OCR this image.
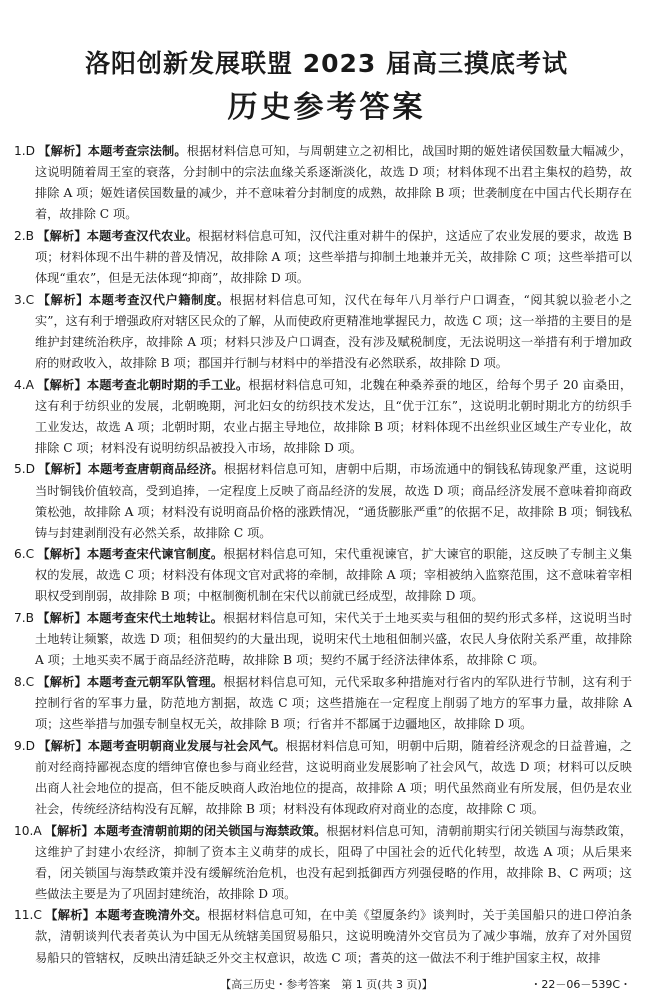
洛阳创新发展联盟 2023 届高三摸底考试
历史参考答案

1.D 【解析】本题考查宗法制。根据材料信息可知，与周朝建立之初相比，战国时期的姬姓诸侯国数量大幅减少，这说明随着周王室的衰落，分封制中的宗法血缘关系逐渐淡化，故选 D 项；材料体现不出君主集权的趋势，故排除 A 项；姬姓诸侯国数量的减少，并不意味着分封制度的成熟，故排除 B 项；世袭制度在中国古代长期存在着，故排除 C 项。

2.B 【解析】本题考查汉代农业。根据材料信息可知，汉代注重对耕牛的保护，这适应了农业发展的要求，故选 B 项；材料体现不出牛耕的普及情况，故排除 A 项；这些举措与抑制土地兼并无关，故排除 C 项；这些举措可以体现“重农”，但是无法体现“抑商”，故排除 D 项。

3.C 【解析】本题考查汉代户籍制度。根据材料信息可知，汉代在每年八月举行户口调查，“阅其貌以验老小之实”，这有利于增强政府对辖区民众的了解，从而使政府更精准地掌握民力，故选 C 项；这一举措的主要目的是维护封建统治秩序，故排除 A 项；材料只涉及户口调查，没有涉及赋税制度，无法说明这一举措有利于增加政府的财政收入，故排除 B 项；郡国并行制与材料中的举措没有必然联系，故排除 D 项。

4.A 【解析】本题考查北朝时期的手工业。根据材料信息可知，北魏在种桑养蚕的地区，给每个男子 20 亩桑田，这有利于纺织业的发展，北朝晚期，河北妇女的纺织技术发达，且“优于江东”，这说明北朝时期北方的纺织手工业发达，故选 A 项；北朝时期，农业占据主导地位，故排除 B 项；材料体现不出丝织业区域生产专业化，故排除 C 项；材料没有说明纺织品被投入市场，故排除 D 项。

5.D 【解析】本题考查唐朝商品经济。根据材料信息可知，唐朝中后期，市场流通中的铜钱私铸现象严重，这说明当时铜钱价值较高，受到追捧，一定程度上反映了商品经济的发展，故选 D 项；商品经济发展不意味着抑商政策松弛，故排除 A 项；材料没有说明商品价格的涨跌情况，“通货膨胀严重”的依据不足，故排除 B 项；铜钱私铸与封建剥削没有必然关系，故排除 C 项。

6.C 【解析】本题考查宋代谏官制度。根据材料信息可知，宋代重视谏官，扩大谏官的职能，这反映了专制主义集权的发展，故选 C 项；材料没有体现文官对武将的牵制，故排除 A 项；宰相被纳入监察范围，这不意味着宰相职权受到削弱，故排除 B 项；中枢制衡机制在宋代以前就已经成型，故排除 D 项。

7.B 【解析】本题考查宋代土地转让。根据材料信息可知，宋代关于土地买卖与租佃的契约形式多样，这说明当时土地转让频繁，故选 D 项；租佃契约的大量出现，说明宋代土地租佃制兴盛，农民人身依附关系严重，故排除 A 项；土地买卖不属于商品经济范畴，故排除 B 项；契约不属于经济法律体系，故排除 C 项。

8.C 【解析】本题考查元朝军队管理。根据材料信息可知，元代采取多种措施对行省内的军队进行节制，这有利于控制行省的军事力量，防范地方割据，故选 C 项；这些措施在一定程度上削弱了地方的军事力量，故排除 A 项；这些举措与加强专制皇权无关，故排除 B 项；行省并不都属于边疆地区，故排除 D 项。

9.D 【解析】本题考查明朝商业发展与社会风气。根据材料信息可知，明朝中后期，随着经济观念的日益普遍，之前对经商持鄙视态度的缙绅官僚也参与商业经营，这说明商业发展影响了社会风气，故选 D 项；材料可以反映出商人社会地位的提高，但不能反映商人政治地位的提高，故排除 A 项；明代虽然商业有所发展，但仍是农业社会，传统经济结构没有瓦解，故排除 B 项；材料没有体现政府对商业的态度，故排除 C 项。

10.A 【解析】本题考查清朝前期的闭关锁国与海禁政策。根据材料信息可知，清朝前期实行闭关锁国与海禁政策，这维护了封建小农经济，抑制了资本主义萌芽的成长，阻碍了中国社会的近代化转型，故选 A 项；从后果来看，闭关锁国与海禁政策并没有缓解统治危机，也没有起到抵御西方列强侵略的作用，故排除 B、C 两项；这些做法主要是为了巩固封建统治，故排除 D 项。

11.C 【解析】本题考查晚清外交。根据材料信息可知，在中美《望厦条约》谈判时，关于美国船只的进口停泊条款，清朝谈判代表者英认为中国无从统辖美国贸易船只，这说明晚清外交官员为了减少事端，放弃了对外国贸易船只的管辖权，反映出清廷缺乏外交主权意识，故选 C 项；耆英的这一做法不利于维护国家主权，故排

【高三历史・参考答案　第 1 页(共 3 页)】	・22－06－539C・
